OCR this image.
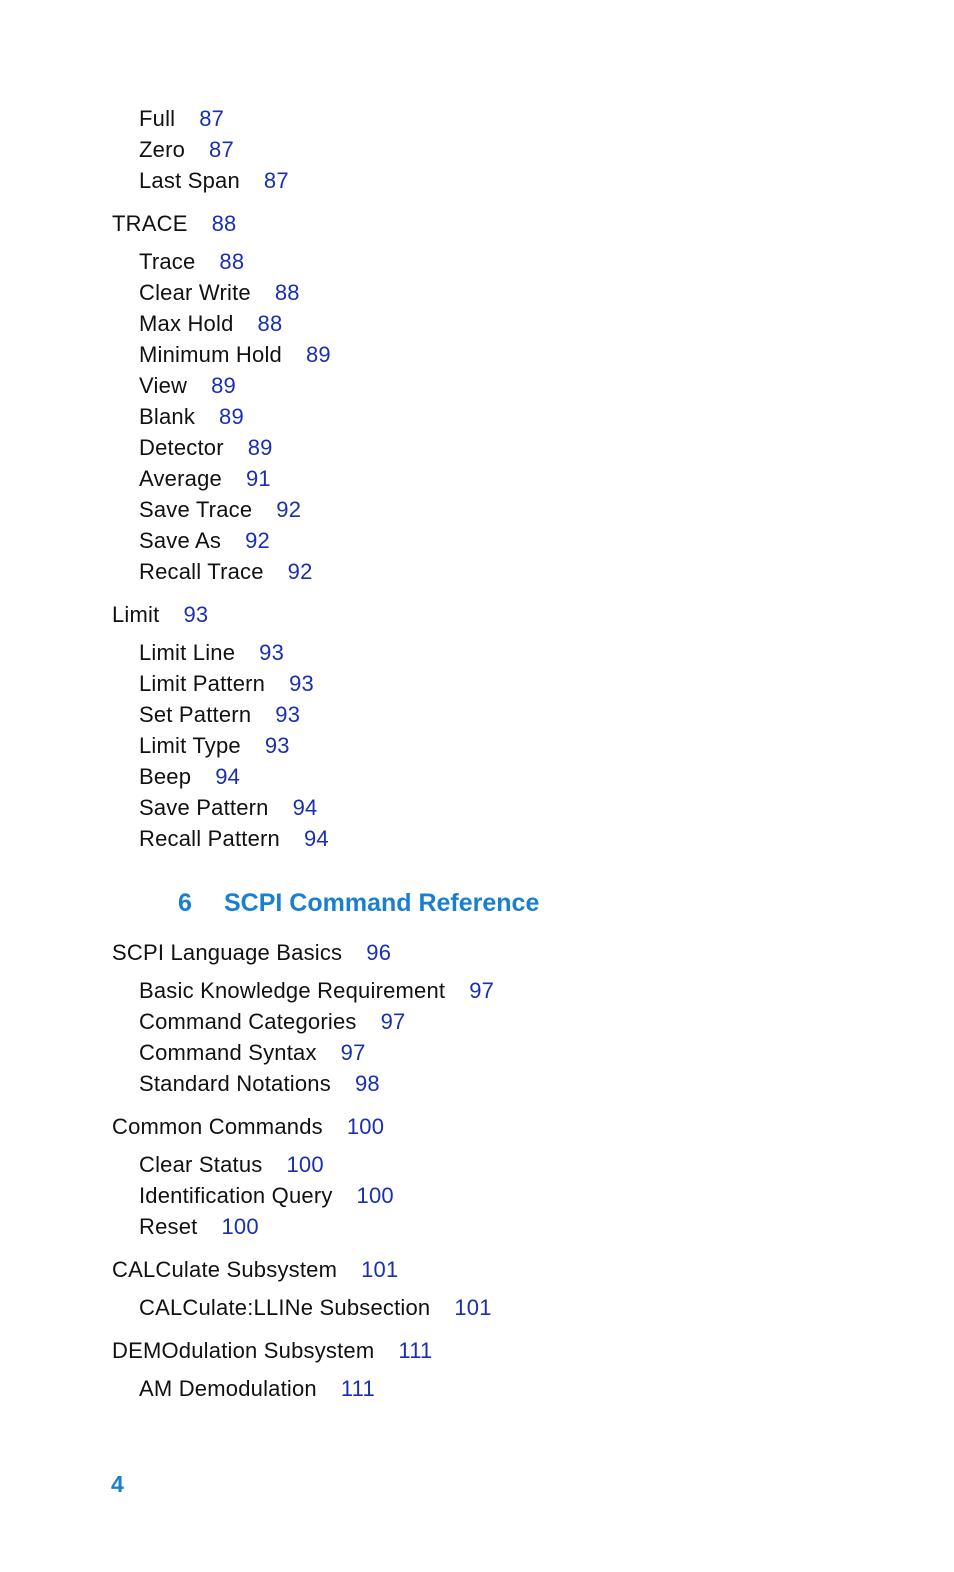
Full 87
Zero 87
Last Span 87
TRACE 88
Trace 88
Clear Write 88
Max Hold 88
Minimum Hold 89
View 89
Blank 89
Detector 89
Average 91
Save Trace 92
Save As 92
Recall Trace 92
Limit 93
Limit Line 93
Limit Pattern 93
Set Pattern 93
Limit Type 93
Beep 94
Save Pattern 94
Recall Pattern 94
6 SCPI Command Reference
SCPI Language Basics 96
Basic Knowledge Requirement 97
Command Categories 97
Command Syntax 97
Standard Notations 98
Common Commands 100
Clear Status 100
Identification Query 100
Reset 100
CALCulate Subsystem 101
CALCulate:LLINe Subsection 101
DEMOdulation Subsystem 111
AM Demodulation 111
4
